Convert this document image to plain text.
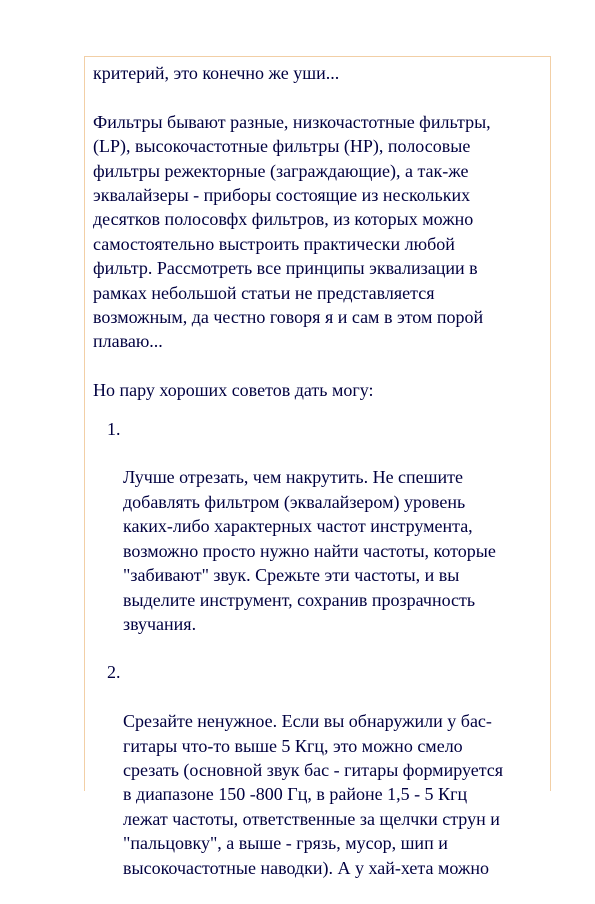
критерий, это конечно же уши...

Фильтры бывают разные, низкочастотные фильтры,
(LP), высокочастотные фильтры (HP), полосовые
фильтры режекторные (заграждающие), а так-же
эквалайзеры - приборы состоящие из нескольких
десятков полосовфх фильтров, из которых можно
самостоятельно выстроить практически любой
фильтр. Рассмотреть все принципы эквализации в
рамках небольшой статьи не представляется
возможным, да честно говоря я и сам в этом порой
плаваю...

Но пару хороших советов дать могу:

1.

Лучше отрезать, чем накрутить. Не спешите
добавлять фильтром (эквалайзером) уровень
каких-либо характерных частот инструмента,
возможно просто нужно найти частоты, которые
"забивают" звук. Срежьте эти частоты, и вы
выделите инструмент, сохранив прозрачность
звучания.

2.

Срезайте ненужное. Если вы обнаружили у бас-
гитары что-то выше 5 Кгц, это можно смело
срезать (основной звук бас - гитары формируется
в диапазоне 150 -800 Гц, в районе 1,5 - 5 Кгц
лежат частоты, ответственные за щелчки струн и
"пальцовку", а выше - грязь, мусор, шип и
высокочастотные наводки). А у хай-хета можно
